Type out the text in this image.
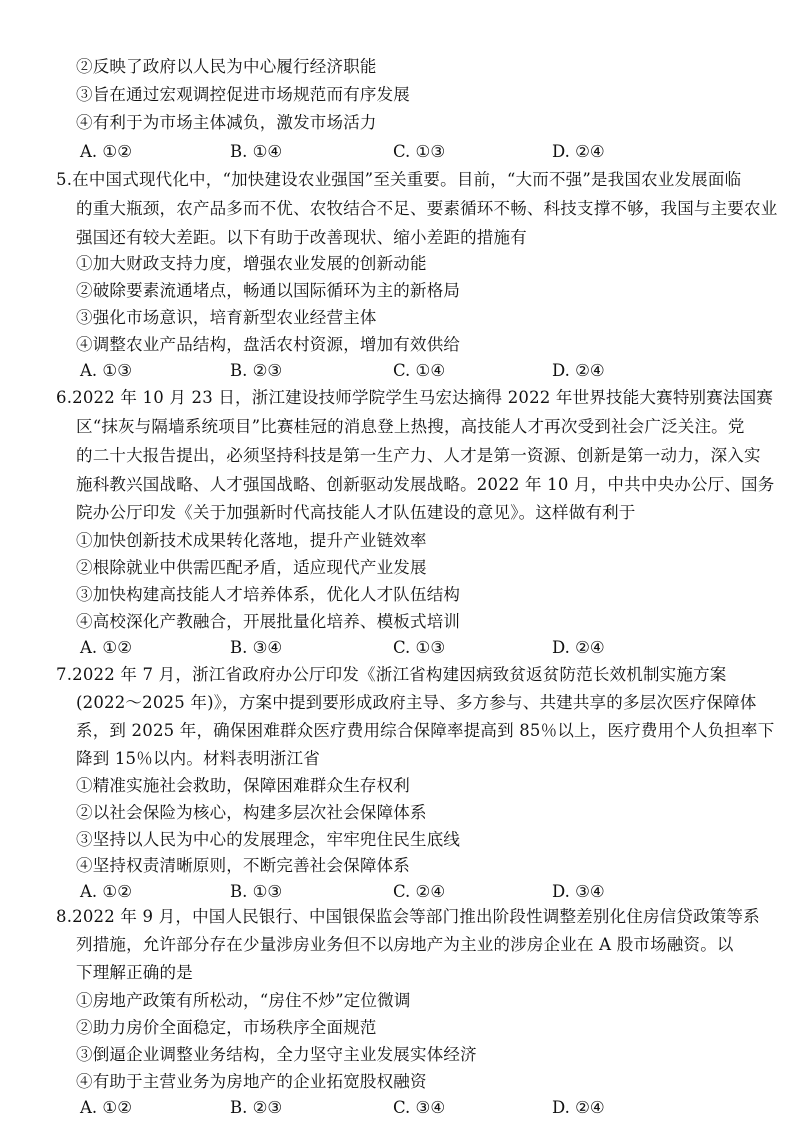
②反映了政府以人民为中心履行经济职能
③旨在通过宏观调控促进市场规范而有序发展
④有利于为市场主体减负，激发市场活力
A. ①②	B. ①④	C. ①③	D. ②④
5.在中国式现代化中，“加快建设农业强国”至关重要。目前，“大而不强”是我国农业发展面临
的重大瓶颈，农产品多而不优、农牧结合不足、要素循环不畅、科技支撑不够，我国与主要农业
强国还有较大差距。以下有助于改善现状、缩小差距的措施有
①加大财政支持力度，增强农业发展的创新动能
②破除要素流通堵点，畅通以国际循环为主的新格局
③强化市场意识，培育新型农业经营主体
④调整农业产品结构，盘活农村资源，增加有效供给
A. ①③	B. ②③	C. ①④	D. ②④
6.2022 年 10 月 23 日，浙江建设技师学院学生马宏达摘得 2022 年世界技能大赛特别赛法国赛
区“抹灰与隔墙系统项目”比赛桂冠的消息登上热搜，高技能人才再次受到社会广泛关注。党
的二十大报告提出，必须坚持科技是第一生产力、人才是第一资源、创新是第一动力，深入实
施科教兴国战略、人才强国战略、创新驱动发展战略。2022 年 10 月，中共中央办公厅、国务
院办公厅印发《关于加强新时代高技能人才队伍建设的意见》。这样做有利于
①加快创新技术成果转化落地，提升产业链效率
②根除就业中供需匹配矛盾，适应现代产业发展
③加快构建高技能人才培养体系，优化人才队伍结构
④高校深化产教融合，开展批量化培养、模板式培训
A. ①②	B. ③④	C. ①③	D. ②④
7.2022 年 7 月，浙江省政府办公厅印发《浙江省构建因病致贫返贫防范长效机制实施方案
(2022～2025 年)》，方案中提到要形成政府主导、多方参与、共建共享的多层次医疗保障体
系，到 2025 年，确保困难群众医疗费用综合保障率提高到 85％以上，医疗费用个人负担率下
降到 15％以内。材料表明浙江省
①精准实施社会救助，保障困难群众生存权利
②以社会保险为核心，构建多层次社会保障体系
③坚持以人民为中心的发展理念，牢牢兜住民生底线
④坚持权责清晰原则，不断完善社会保障体系
A. ①②	B. ①③	C. ②④	D. ③④
8.2022 年 9 月，中国人民银行、中国银保监会等部门推出阶段性调整差别化住房信贷政策等系
列措施，允许部分存在少量涉房业务但不以房地产为主业的涉房企业在 A 股市场融资。以
下理解正确的是
①房地产政策有所松动，“房住不炒”定位微调
②助力房价全面稳定，市场秩序全面规范
③倒逼企业调整业务结构，全力坚守主业发展实体经济
④有助于主营业务为房地产的企业拓宽股权融资
A. ①②	B. ②③	C. ③④	D. ②④
